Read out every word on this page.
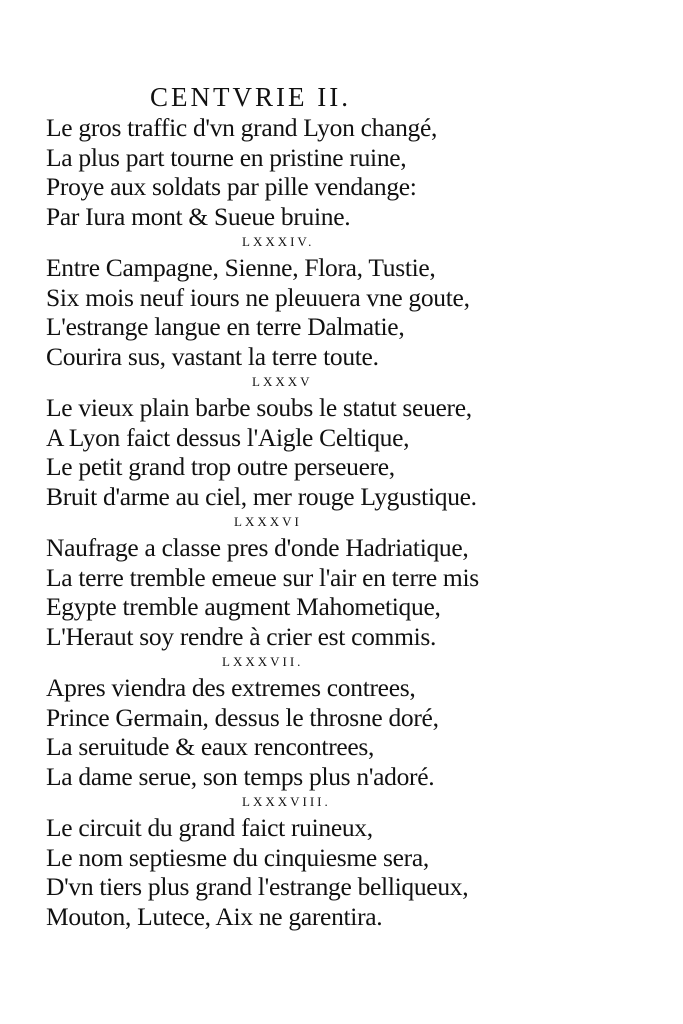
CENTVRIE II.
Le gros traffic d'vn grand Lyon changé,
La plus part tourne en pristine ruine,
Proye aux soldats par pille vendange:
Par Iura mont & Sueue bruine.
LXXXIV.
Entre Campagne, Sienne, Flora, Tustie,
Six mois neuf iours ne pleuuera vne goute,
L'estrange langue en terre Dalmatie,
Courira sus, vastant la terre toute.
LXXXV
Le vieux plain barbe soubs le statut seuere,
A Lyon faict dessus l'Aigle Celtique,
Le petit grand trop outre perseuere,
Bruit d'arme au ciel, mer rouge Lygustique.
LXXXVI
Naufrage a classe pres d'onde Hadriatique,
La terre tremble emeue sur l'air en terre mis
Egypte tremble augment Mahometique,
L'Heraut soy rendre à crier est commis.
LXXXVII.
Apres viendra des extremes contrees,
Prince Germain, dessus le throsne doré,
La seruitude & eaux rencontrees,
La dame serue, son temps plus n'adoré.
LXXXVIII.
Le circuit du grand faict ruineux,
Le nom septiesme du cinquiesme sera,
D'vn tiers plus grand l'estrange belliqueux,
Mouton, Lutece, Aix ne garentira.
